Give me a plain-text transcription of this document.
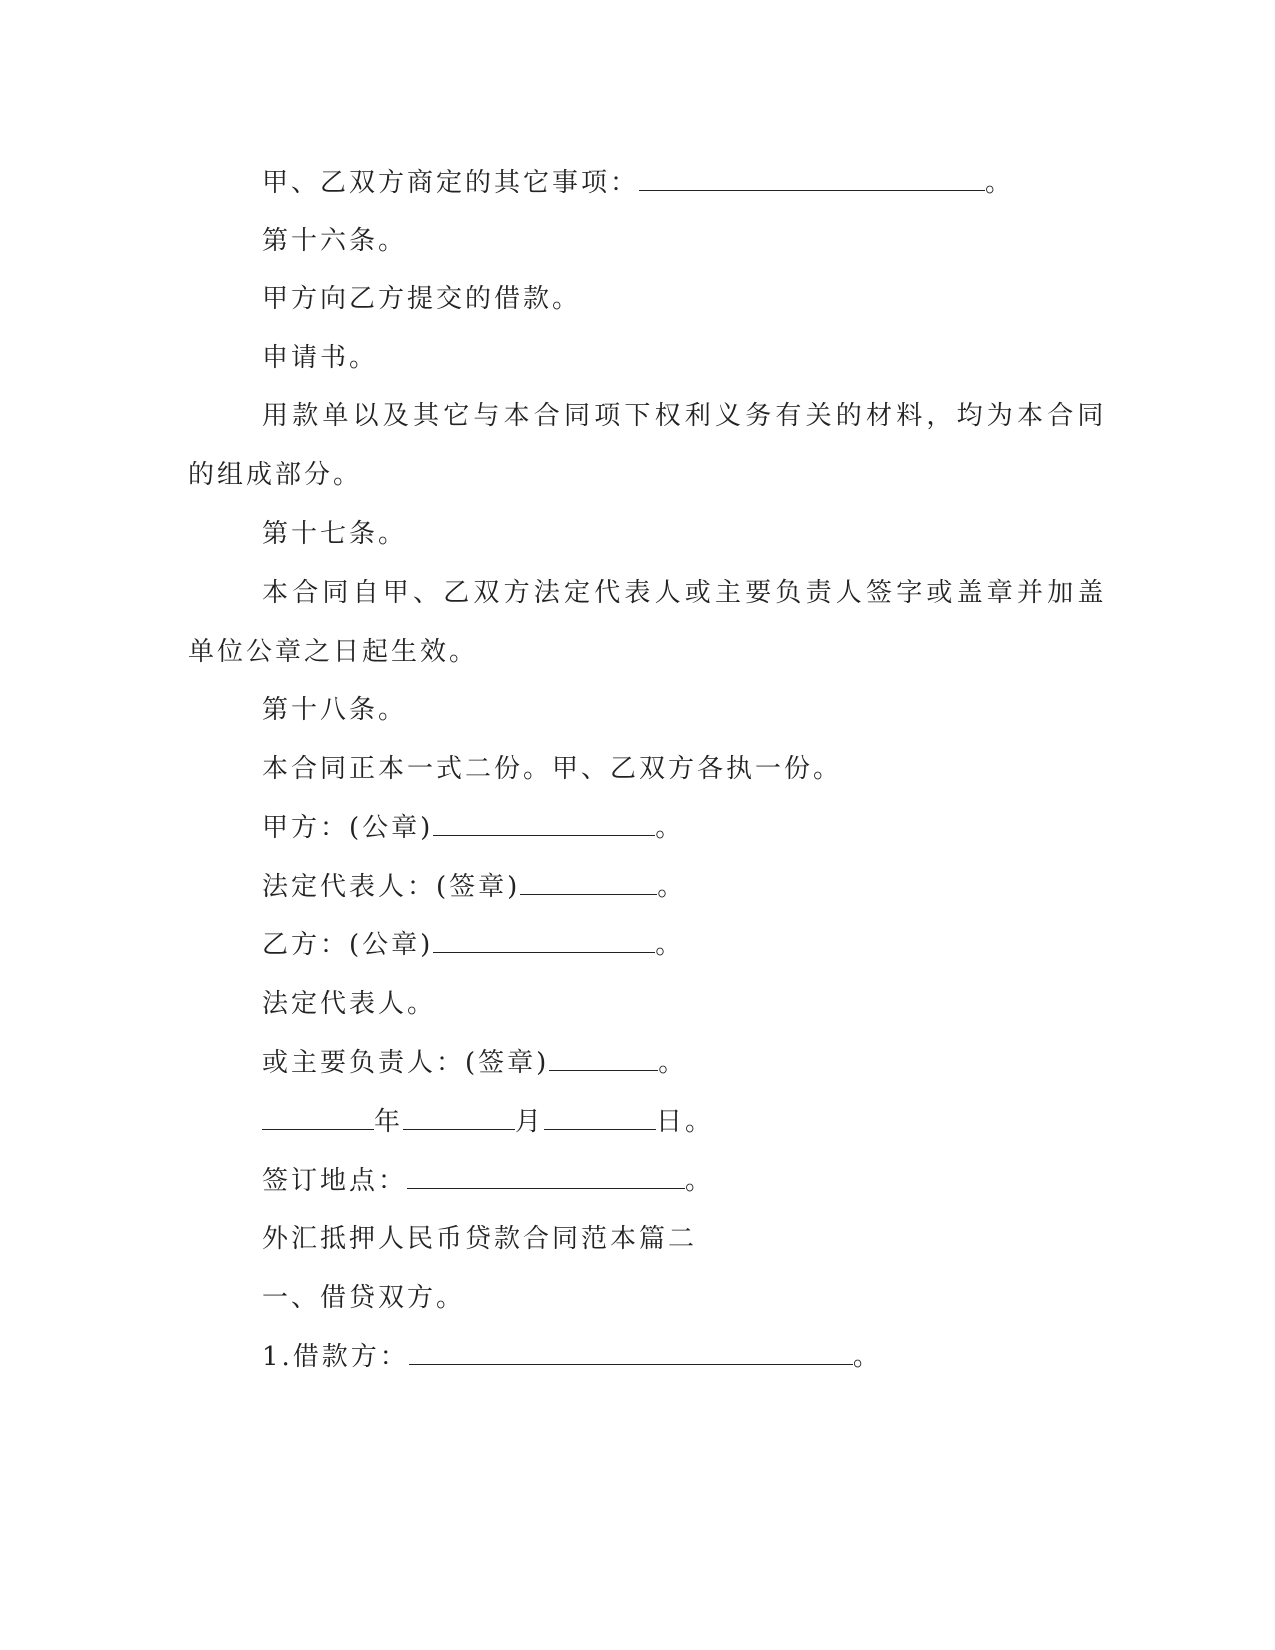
甲、乙双方商定的其它事项：	。
第十六条。
甲方向乙方提交的借款。
申请书。
用款单以及其它与本合同项下权利义务有关的材料，均为本合同
的组成部分。
第十七条。
本合同自甲、乙双方法定代表人或主要负责人签字或盖章并加盖
单位公章之日起生效。
第十八条。
本合同正本一式二份。甲、乙双方各执一份。
甲方：(公章)	。
法定代表人：(签章)	。
乙方：(公章)	。
法定代表人。
或主要负责人：(签章)	。
年	月	日。
签订地点：	。
外汇抵押人民币贷款合同范本篇二
一、借贷双方。
1.借款方：	。
